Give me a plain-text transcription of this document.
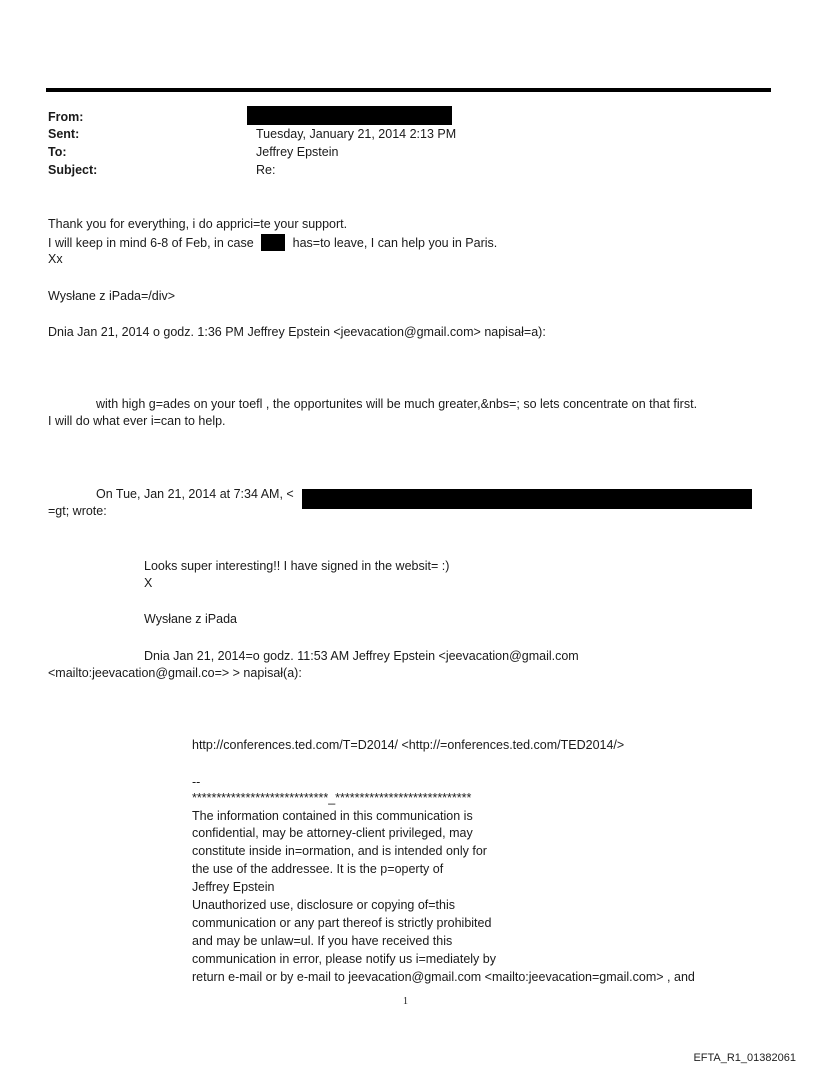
From:
Sent:	Tuesday, January 21, 2014 2:13 PM
To:	Jeffrey Epstein
Subject:	Re:
Thank you for everything, i do apprici=te your support.
I will keep in mind 6-8 of Feb, in case	has=to leave, I can help you in Paris.
Xx
Wysłane z iPada=/div>
Dnia Jan 21, 2014 o godz. 1:36 PM Jeffrey Epstein <jeevacation@gmail.com> napisał=a):
with high g=ades on your toefl , the opportunites will be much greater,&nbs=; so lets concentrate on that first.
I will do what ever i=can to help.
On Tue, Jan 21, 2014 at 7:34 AM, <
=gt; wrote:
Looks super interesting!! I have signed in the websit= :)
X
Wysłane z iPada
Dnia Jan 21, 2014=o godz. 11:53 AM Jeffrey Epstein <jeevacation@gmail.com
<mailto:jeevacation@gmail.co=> > napisał(a):
http://conferences.ted.com/T=D2014/ <http://=onferences.ted.com/TED2014/>
--
****************************_****************************
The information contained in this communication is
confidential, may be attorney-client privileged, may
constitute inside in=ormation, and is intended only for
the use of the addressee. It is the p=operty of
Jeffrey Epstein
Unauthorized use, disclosure or copying of=this
communication or any part thereof is strictly prohibited
and may be unlaw=ul. If you have received this
communication in error, please notify us i=mediately by
return e-mail or by e-mail to jeevacation@gmail.com <mailto:jeevacation=gmail.com> , and
1
EFTA_R1_01382061
